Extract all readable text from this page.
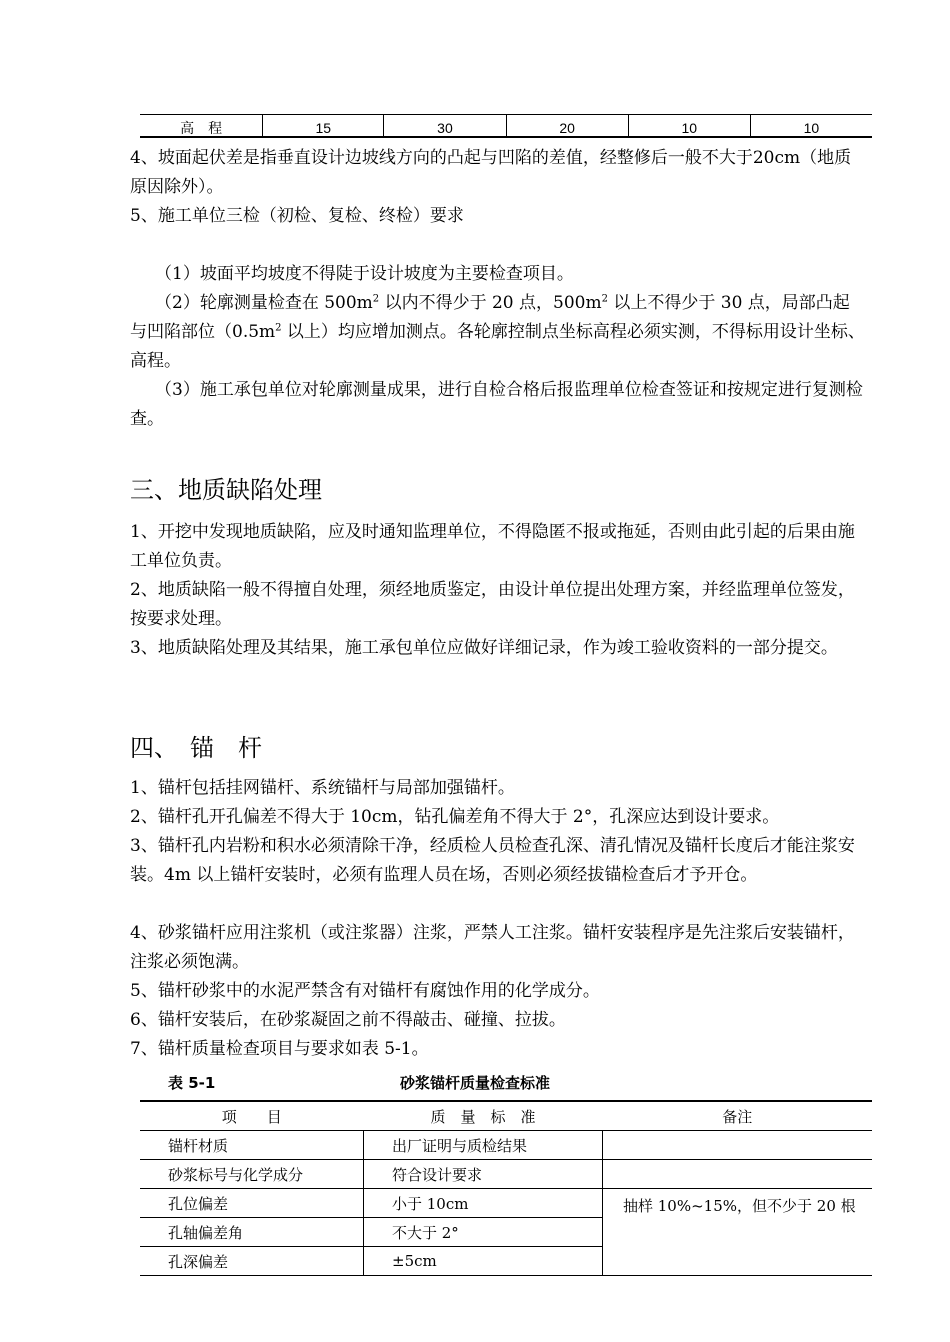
高　程	15	30	20	10	10

4、坡面起伏差是指垂直设计边坡线方向的凸起与凹陷的差值，经整修后一般不大于20cm（地质原因除外）。

5、施工单位三检（初检、复检、终检）要求

（1）坡面平均坡度不得陡于设计坡度为主要检查项目。

（2）轮廓测量检查在 $500m^2$ 以内不得少于 20 点，$500m^2$ 以上不得少于 30 点，局部凸起与凹陷部位（$0.5m^2$ 以上）均应增加测点。各轮廓控制点坐标高程必须实测，不得标用设计坐标、高程。

（3）施工承包单位对轮廓测量成果，进行自检合格后报监理单位检查签证和按规定进行复测检查。

三、地质缺陷处理

1、开挖中发现地质缺陷，应及时通知监理单位，不得隐匿不报或拖延，否则由此引起的后果由施工单位负责。

2、地质缺陷一般不得擅自处理，须经地质鉴定，由设计单位提出处理方案，并经监理单位签发，按要求处理。

3、地质缺陷处理及其结果，施工承包单位应做好详细记录，作为竣工验收资料的一部分提交。

四、　锚　杆

1、锚杆包括挂网锚杆、系统锚杆与局部加强锚杆。

2、锚杆孔开孔偏差不得大于 10cm，钻孔偏差角不得大于 2°，孔深应达到设计要求。

3、锚杆孔内岩粉和积水必须清除干净，经质检人员检查孔深、清孔情况及锚杆长度后才能注浆安装。4m 以上锚杆安装时，必须有监理人员在场，否则必须经拔锚检查后才予开仓。

4、砂浆锚杆应用注浆机（或注浆器）注浆，严禁人工注浆。锚杆安装程序是先注浆后安装锚杆，注浆必须饱满。

5、锚杆砂浆中的水泥严禁含有对锚杆有腐蚀作用的化学成分。

6、锚杆安装后，在砂浆凝固之前不得敲击、碰撞、拉拔。

7、锚杆质量检查项目与要求如表 5-1。

表 5-1	砂浆锚杆质量检查标准
项　　目	质　量　标　准	备注
锚杆材质	出厂证明与质检结果	
砂浆标号与化学成分	符合设计要求	
孔位偏差	小于 10cm	抽样 10%~15%，但不少于 20 根
孔轴偏差角	不大于 2°	
孔深偏差	±5cm	
